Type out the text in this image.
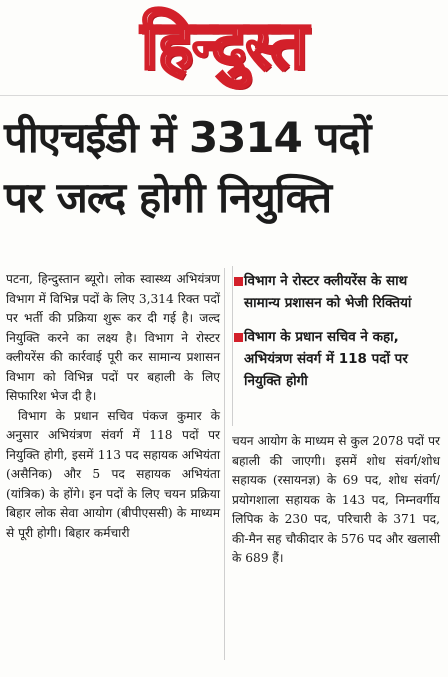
हिन्दुस्त
पीएचईडी में 3314 पदों
पर जल्द होगी नियुक्ति

पटना, हिन्दुस्तान ब्यूरो। लोक स्वास्थ्य अभियंत्रण विभाग में विभिन्न पदों के लिए 3,314 रिक्त पदों पर भर्ती की प्रक्रिया शुरू कर दी गई है। जल्द नियुक्ति करने का लक्ष्य है। विभाग ने रोस्टर क्लीयरेंस की कार्रवाई पूरी कर सामान्य प्रशासन विभाग को विभिन्न पदों पर बहाली के लिए सिफारिश भेज दी है।

विभाग के प्रधान सचिव पंकज कुमार के अनुसार अभियंत्रण संवर्ग में 118 पदों पर नियुक्ति होगी, इसमें 113 पद सहायक अभियंता (असैनिक) और 5 पद सहायक अभियंता (यांत्रिक) के होंगे। इन पदों के लिए चयन प्रक्रिया बिहार लोक सेवा आयोग (बीपीएससी) के माध्यम से पूरी होगी। बिहार कर्मचारी

विभाग ने रोस्टर क्लीयरेंस के साथ सामान्य प्रशासन को भेजी रिक्तियां
विभाग के प्रधान सचिव ने कहा, अभियंत्रण संवर्ग में 118 पदों पर नियुक्ति होगी

चयन आयोग के माध्यम से कुल 2078 पदों पर बहाली की जाएगी। इसमें शोध संवर्ग/शोध सहायक (रसायनज्ञ) के 69 पद, शोध संवर्ग/ प्रयोगशाला सहायक के 143 पद, निम्नवर्गीय लिपिक के 230 पद, परिचारी के 371 पद, की-मैन सह चौकीदार के 576 पद और खलासी के 689 हैं।
